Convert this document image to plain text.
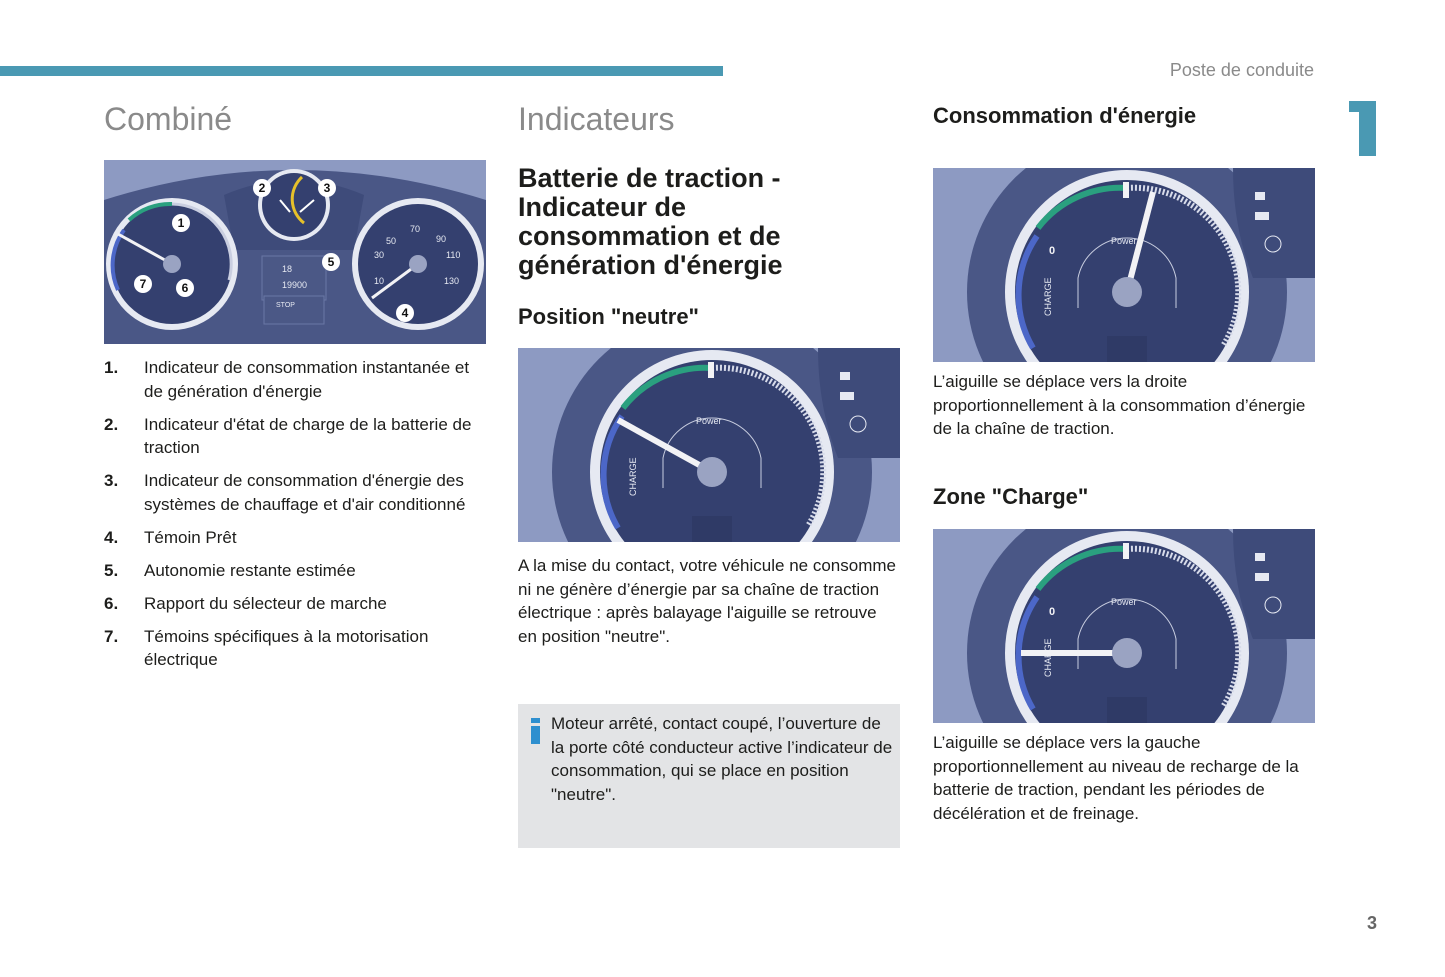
Poste de conduite
3
Combiné
50
70
90
30	110
10	130
18
19900
STOP
1
2	3
4
5
6
7
1. Indicateur de consommation instantanée et de génération d'énergie
2. Indicateur d'état de charge de la batterie de traction
3. Indicateur de consommation d'énergie des systèmes de chauffage et d'air conditionné
4. Témoin Prêt
5. Autonomie restante estimée
6. Rapport du sélecteur de marche
7. Témoins spécifiques à la motorisation électrique
Indicateurs
Batterie de traction - Indicateur de consommation et de génération d'énergie
Position "neutre"
Power
CHARGE
A la mise du contact, votre véhicule ne consomme ni ne génère d’énergie par sa chaîne de traction électrique : après balayage l'aiguille se retrouve en position "neutre".
Moteur arrêté, contact coupé, l’ouverture de la porte côté conducteur active l’indicateur de consommation, qui se place en position "neutre".
Consommation d'énergie
Power
CHARGE
0
L’aiguille se déplace vers la droite proportionnellement à la consommation d’énergie de la chaîne de traction.
Zone "Charge"
Power
CHARGE
0
L’aiguille se déplace vers la gauche proportionnellement au niveau de recharge de la batterie de traction, pendant les périodes de décélération et de freinage.
